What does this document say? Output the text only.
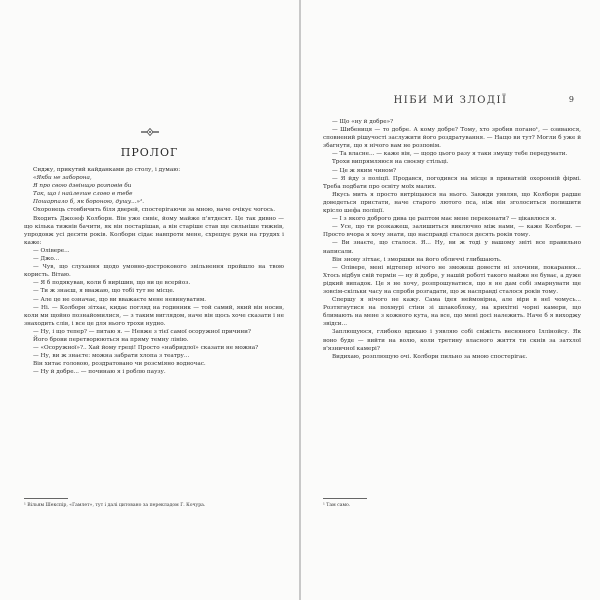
ПРОЛОГ

Сиджу, прикутий кайданками до столу, і думаю:

«Якби не заборона,

Я про свою дзвінщю розповів би

Так, що і найлегше слово в тебе

Пошарпало б, як бороною, душу...»¹.

Охоронець стовбичить біля дверей, спостерігаючи за мною, наче очікує чогось.

Входить Джозеф Колборн. Він уже сивіє, йому майже п'ятдесят. Це так дивно — що кілька тижнів бачити, як він постарішав, а він старіше став ще сильніше тижнів, упродовж усі десяти років. Колборн сідає навпроти мене, схрещує руки на грудях і каже:

— Олівере...

— Джо...

— Чув, що слухання щодо умовно-дострокового звільнення пройшло на твою користь. Вітаю.

— Я б подякував, коли б вирішив, що ви це всерйоз.

— Ти ж знаєш, я вважаю, що тобі тут не місце.

— Але це не означає, що ви вважаєте мене невинуватим.

— Ні. — Колборн зітхає, кидає погляд на годинник — той самий, який він носив, коли ми щойно познайомилися, — з таким виглядом, наче він щось хоче сказати і не знаходить слів, і все це для нього трохи нудно.

— Ну, і що тепер? — питаю я. — Невже з тієї самої осоружної причини?

Його брови перетворюються на пряму темну лінію.

— «Осоружної»?.. Хай йому греці! Просто «набридлої» сказати не можна?

— Ну, ви ж знаєте: можна забрати хлопа з театру...

Він хитає головою, роздратовано чи розсміяно водночас.

— Ну й добре... — починаю я і роблю паузу.

¹ Вільям Шекспір, «Гамлет», тут і далі цитовано за перекладом Г. Кочура.
НІБИ МИ ЗЛОДІЇ	9

— Що «ну й добре»?

— Шибениця — то добре. А кому добре? Тому, хто зробив погано¹, — озиваюся, сповнений рішучості заслужити його роздратування. — Нащо ви тут? Могли б уже й збагнути, що я нічого вам не розповім.

— Та власне... — каже він, — щодо цього разу я таки змушу тебе передумати.

Трохи випрямляюся на своєму стільці.

— Це ж яким чином?

— Я йду з поліції. Продався, погодився на місце в приватній охоронній фірмі. Треба подбати про освіту моїх малих.

Якусь мить я просто витріщаюся на нього. Завжди уявляв, що Колборн радше доведеться пристати, наче старого лютого пса, ніж він зголоситься полишити крісло шефа поліції.

— І з якого доброго дива це раптом має мене переконати? — цікавлюся я.

— Усе, що ти розкажеш, залишиться виключно між нами, — каже Колборн. — Просто вчора я хочу знати, що насправді сталося десять років тому.

— Ви знаєте, що сталося. Я... Ну, ви ж тоді у вашому звіті все правильно написали.

Він знову зітхає, і зморшки на його обличчі глибшають.

— Олівере, мені відтепер нічого не зможеш довести ні злочини, покарання... Хтось відбув свій термін — ну й добре, у нашій роботі такого майже не буває, а дуже рідкий випадок. Це я не хочу, розпрошуватися, що я не дам собі змарнувати ще зовсім-скільки часу на спроби розгадати, що ж насправді сталося років тому.

Спершу я нічого не кажу. Сама ідея неймовірна, але віри в неї чомусь... Розтягнутися на похмурі стіни зі шлакоблоку, на крихітні чорні камери, що блимають на мене з кожного кута, на все, що мені досі належить. Наче б я виходжу звідси...

Заплющуюся, глибоко вдихаю і уявляю собі свіжість весняного Іллінойсу. Як воно буде — вийти на волю, коли третину власного життя ти скнів за затхлої в'язничної камері?

Видихаю, розплющую очі. Колборн пильно за мною спостерігає.

¹ Там само.
